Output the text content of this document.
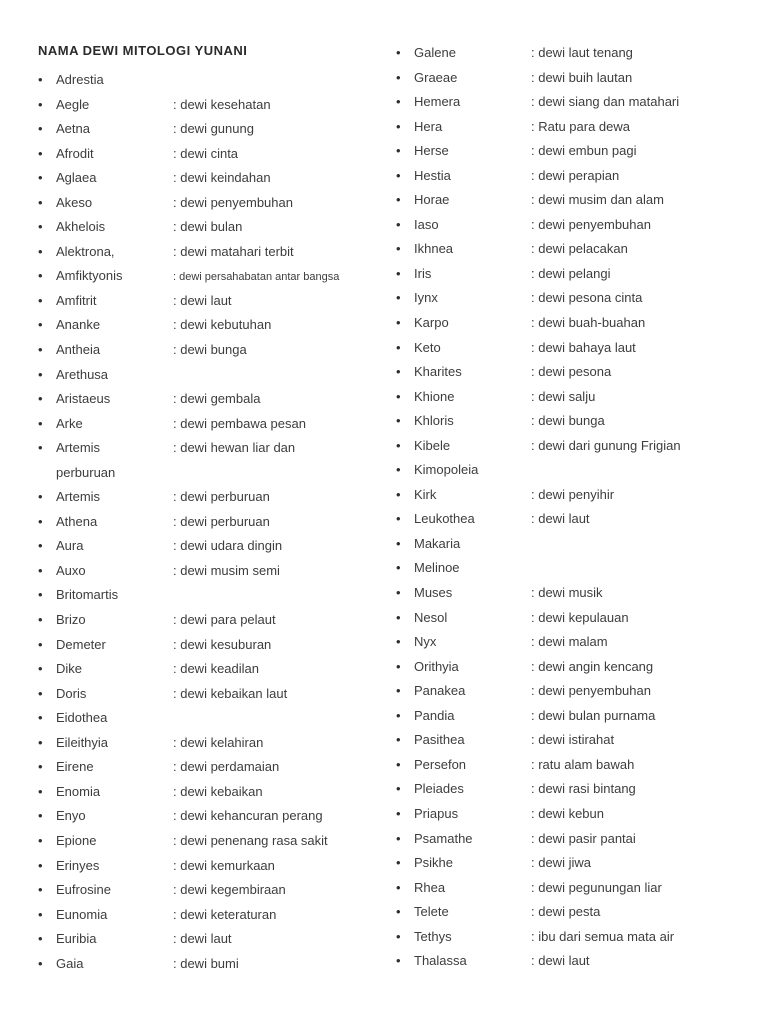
NAMA DEWI MITOLOGI YUNANI
•	Adrestia
•	Aegle	: dewi kesehatan
•	Aetna	: dewi gunung
•	Afrodit	: dewi cinta
•	Aglaea	: dewi keindahan
•	Akeso	: dewi penyembuhan
•	Akhelois	: dewi bulan
•	Alektrona,	: dewi matahari terbit
•	Amfiktyonis	: dewi persahabatan antar bangsa
•	Amfitrit	: dewi laut
•	Ananke	: dewi kebutuhan
•	Antheia	: dewi bunga
•	Arethusa
•	Aristaeus	: dewi gembala
•	Arke	: dewi pembawa pesan
•	Artemis	: dewi hewan liar dan
perburuan
•	Artemis	: dewi perburuan
•	Athena	: dewi perburuan
•	Aura	: dewi udara dingin
•	Auxo	: dewi musim semi
•	Britomartis
•	Brizo	: dewi para pelaut
•	Demeter	: dewi kesuburan
•	Dike	: dewi keadilan
•	Doris	: dewi kebaikan laut
•	Eidothea
•	Eileithyia	: dewi kelahiran
•	Eirene	: dewi perdamaian
•	Enomia	: dewi kebaikan
•	Enyo	: dewi kehancuran perang
•	Epione	: dewi penenang rasa sakit
•	Erinyes	: dewi kemurkaan
•	Eufrosine	: dewi kegembiraan
•	Eunomia	: dewi keteraturan
•	Euribia	: dewi laut
•	Gaia	: dewi bumi
•	Galene	: dewi laut tenang
•	Graeae	: dewi buih lautan
•	Hemera	: dewi siang dan matahari
•	Hera	: Ratu para dewa
•	Herse	: dewi embun pagi
•	Hestia	: dewi perapian
•	Horae	: dewi musim dan alam
•	Iaso	: dewi penyembuhan
•	Ikhnea	: dewi pelacakan
•	Iris	: dewi pelangi
•	Iynx	: dewi pesona cinta
•	Karpo	: dewi buah-buahan
•	Keto	: dewi bahaya laut
•	Kharites	: dewi pesona
•	Khione	: dewi salju
•	Khloris	: dewi bunga
•	Kibele	: dewi dari gunung Frigian
•	Kimopoleia
•	Kirk	: dewi penyihir
•	Leukothea	: dewi laut
•	Makaria
•	Melinoe
•	Muses	: dewi musik
•	Nesol	: dewi kepulauan
•	Nyx	: dewi malam
•	Orithyia	: dewi angin kencang
•	Panakea	: dewi penyembuhan
•	Pandia	: dewi bulan purnama
•	Pasithea	: dewi istirahat
•	Persefon	: ratu alam bawah
•	Pleiades	: dewi rasi bintang
•	Priapus	: dewi kebun
•	Psamathe	: dewi pasir pantai
•	Psikhe	: dewi jiwa
•	Rhea	: dewi pegunungan liar
•	Telete	: dewi pesta
•	Tethys	: ibu dari semua mata air
•	Thalassa	: dewi laut
